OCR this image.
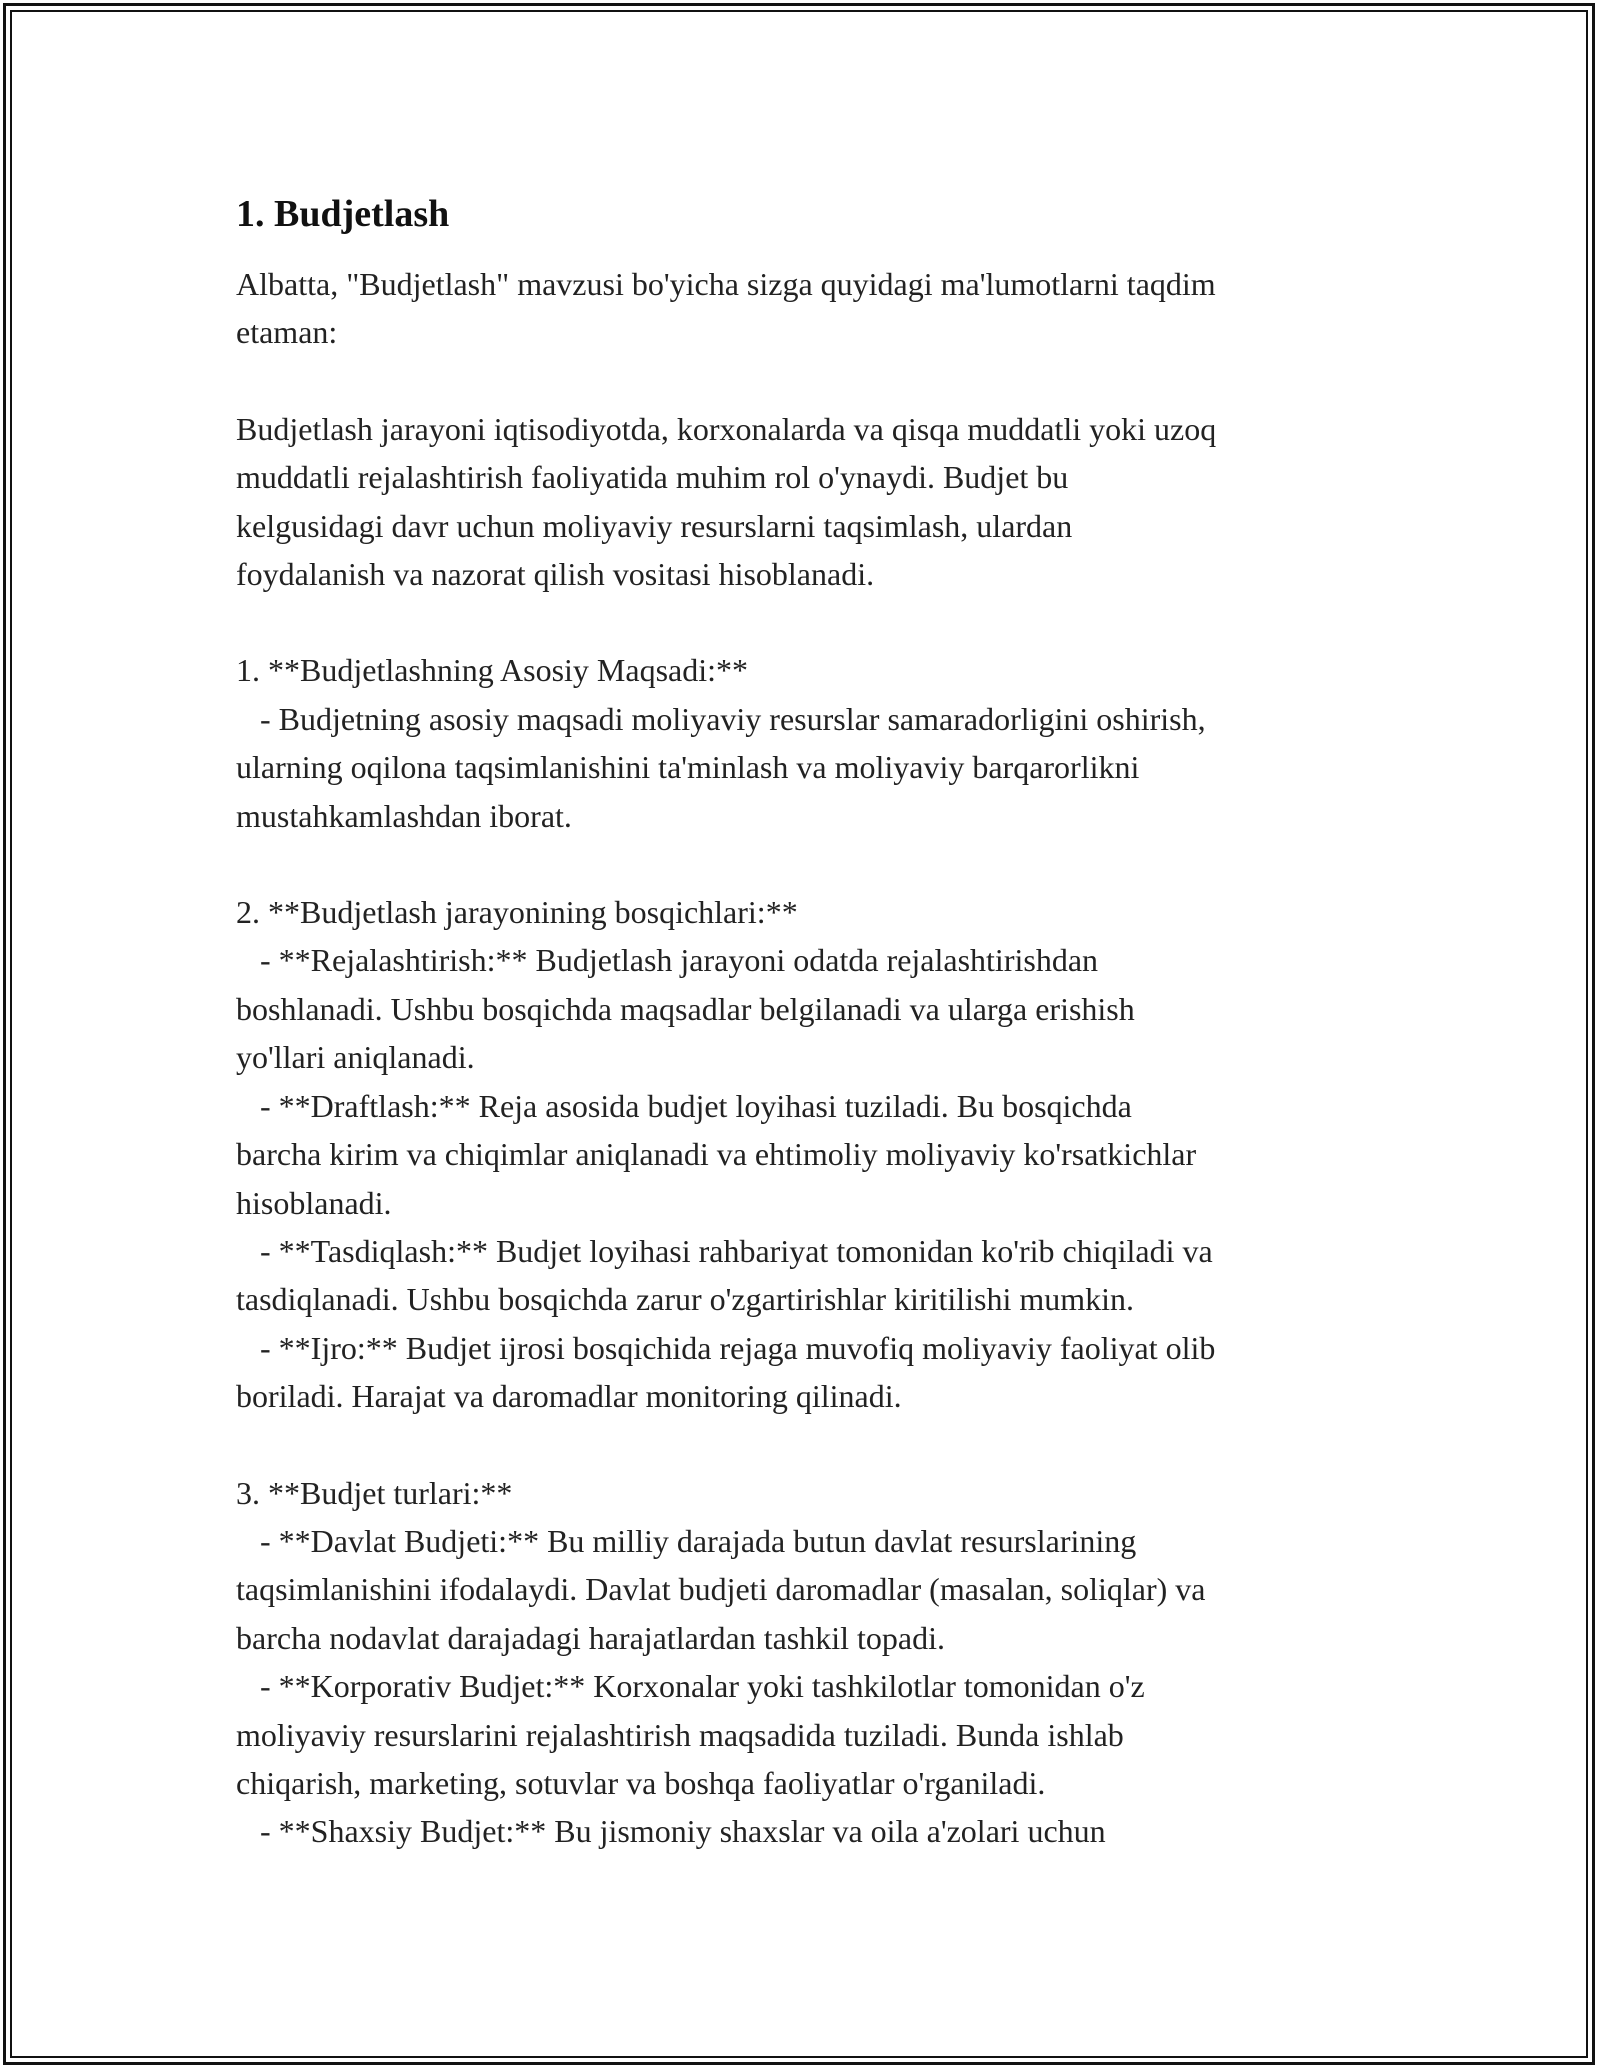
1. Budjetlash

Albatta, "Budjetlash" mavzusi bo'yicha sizga quyidagi ma'lumotlarni taqdim
etaman:

Budjetlash jarayoni iqtisodiyotda, korxonalarda va qisqa muddatli yoki uzoq
muddatli rejalashtirish faoliyatida muhim rol o'ynaydi. Budjet bu
kelgusidagi davr uchun moliyaviy resurslarni taqsimlash, ulardan
foydalanish va nazorat qilish vositasi hisoblanadi.

1. **Budjetlashning Asosiy Maqsadi:**
- Budjetning asosiy maqsadi moliyaviy resurslar samaradorligini oshirish,
ularning oqilona taqsimlanishini ta'minlash va moliyaviy barqarorlikni
mustahkamlashdan iborat.

2. **Budjetlash jarayonining bosqichlari:**
- **Rejalashtirish:** Budjetlash jarayoni odatda rejalashtirishdan
boshlanadi. Ushbu bosqichda maqsadlar belgilanadi va ularga erishish
yo'llari aniqlanadi.
- **Draftlash:** Reja asosida budjet loyihasi tuziladi. Bu bosqichda
barcha kirim va chiqimlar aniqlanadi va ehtimoliy moliyaviy ko'rsatkichlar
hisoblanadi.
- **Tasdiqlash:** Budjet loyihasi rahbariyat tomonidan ko'rib chiqiladi va
tasdiqlanadi. Ushbu bosqichda zarur o'zgartirishlar kiritilishi mumkin.
- **Ijro:** Budjet ijrosi bosqichida rejaga muvofiq moliyaviy faoliyat olib
boriladi. Harajat va daromadlar monitoring qilinadi.

3. **Budjet turlari:**
- **Davlat Budjeti:** Bu milliy darajada butun davlat resurslarining
taqsimlanishini ifodalaydi. Davlat budjeti daromadlar (masalan, soliqlar) va
barcha nodavlat darajadagi harajatlardan tashkil topadi.
- **Korporativ Budjet:** Korxonalar yoki tashkilotlar tomonidan o'z
moliyaviy resurslarini rejalashtirish maqsadida tuziladi. Bunda ishlab
chiqarish, marketing, sotuvlar va boshqa faoliyatlar o'rganiladi.
- **Shaxsiy Budjet:** Bu jismoniy shaxslar va oila a'zolari uchun
